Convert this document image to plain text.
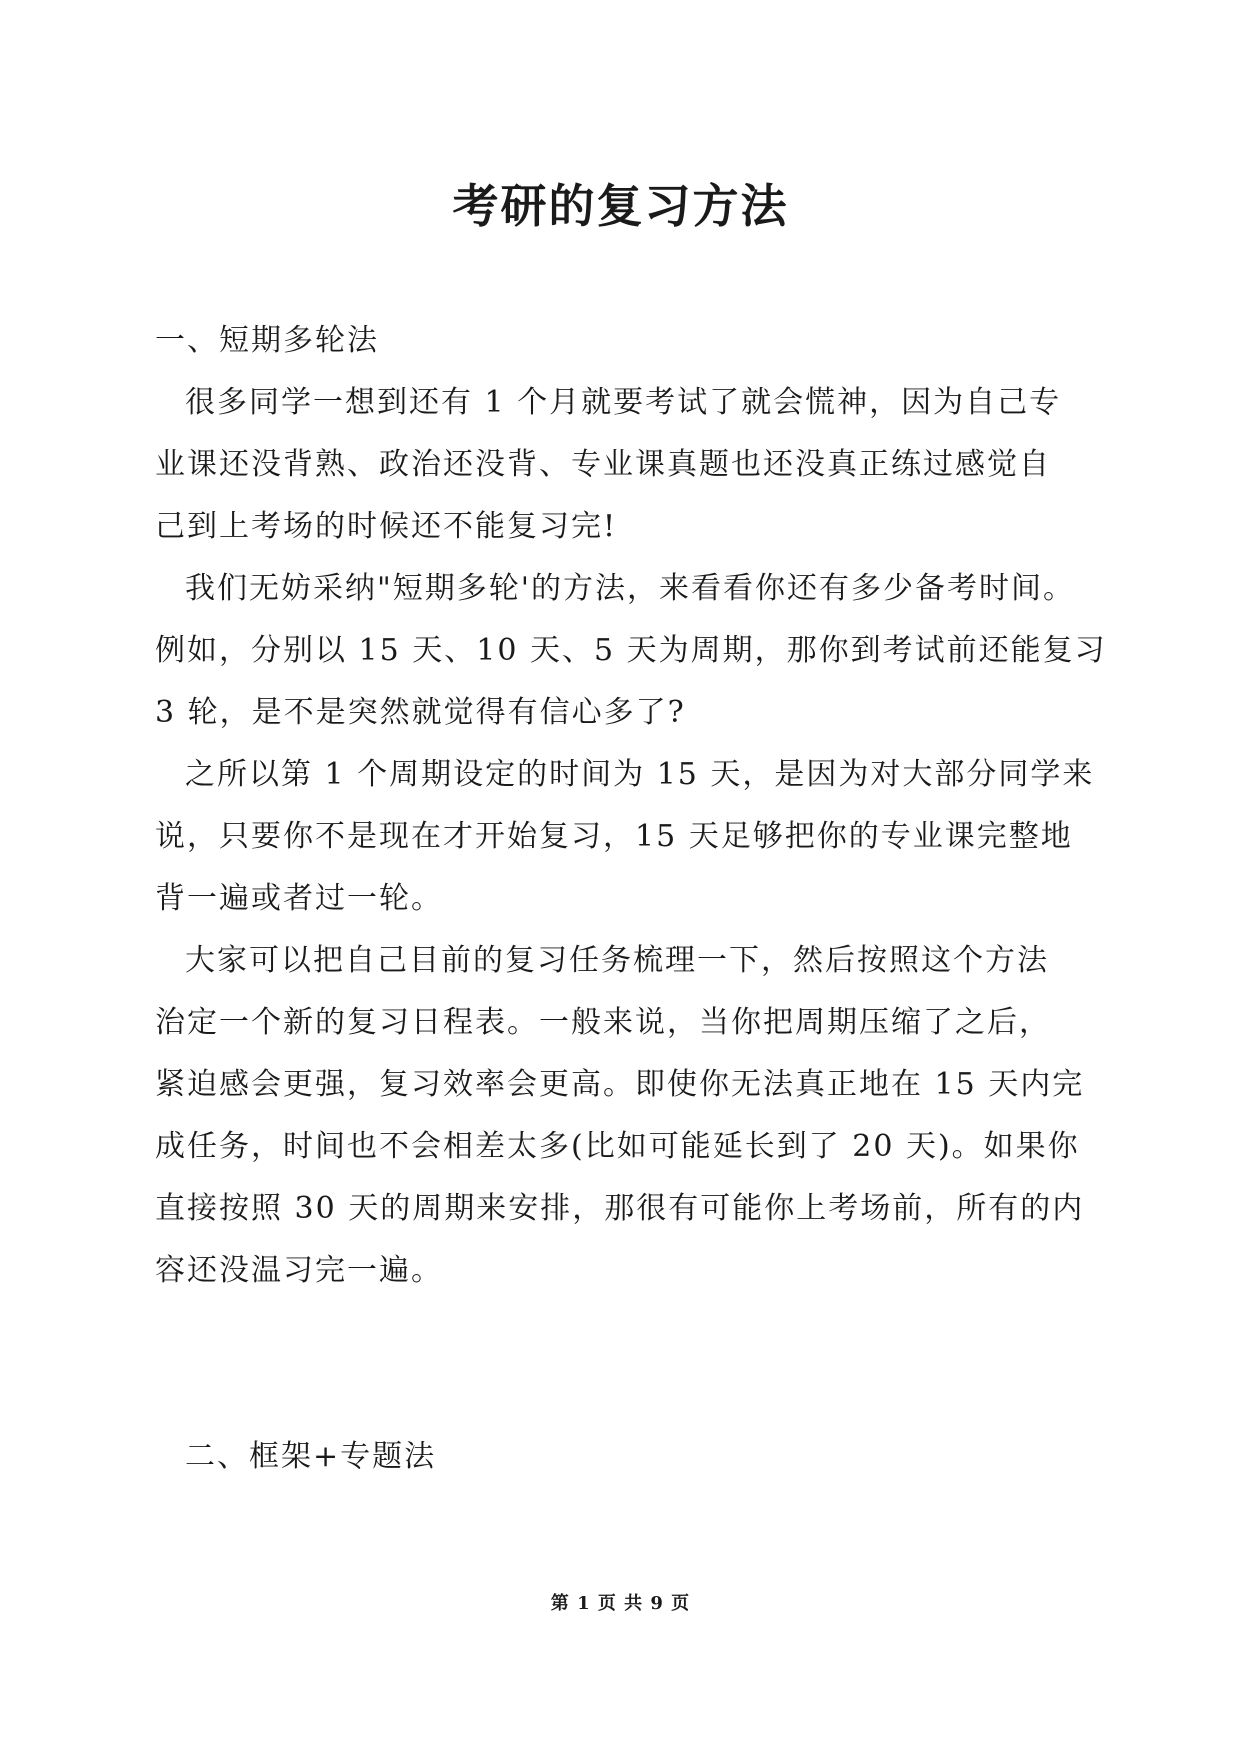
考研的复习方法
一、短期多轮法
很多同学一想到还有 1 个月就要考试了就会慌神，因为自己专
业课还没背熟、政治还没背、专业课真题也还没真正练过感觉自
己到上考场的时候还不能复习完!
我们无妨采纳"短期多轮'的方法，来看看你还有多少备考时间。
例如，分别以 15 天、10 天、5 天为周期，那你到考试前还能复习
3 轮，是不是突然就觉得有信心多了?
之所以第 1 个周期设定的时间为 15 天，是因为对大部分同学来
说，只要你不是现在才开始复习，15 天足够把你的专业课完整地
背一遍或者过一轮。
大家可以把自己目前的复习任务梳理一下，然后按照这个方法
治定一个新的复习日程表。一般来说，当你把周期压缩了之后，
紧迫感会更强，复习效率会更高。即使你无法真正地在 15 天内完
成任务，时间也不会相差太多(比如可能延长到了 20 天)。如果你
直接按照 30 天的周期来安排，那很有可能你上考场前，所有的内
容还没温习完一遍。
二、框架+专题法
第 1 页 共 9 页
